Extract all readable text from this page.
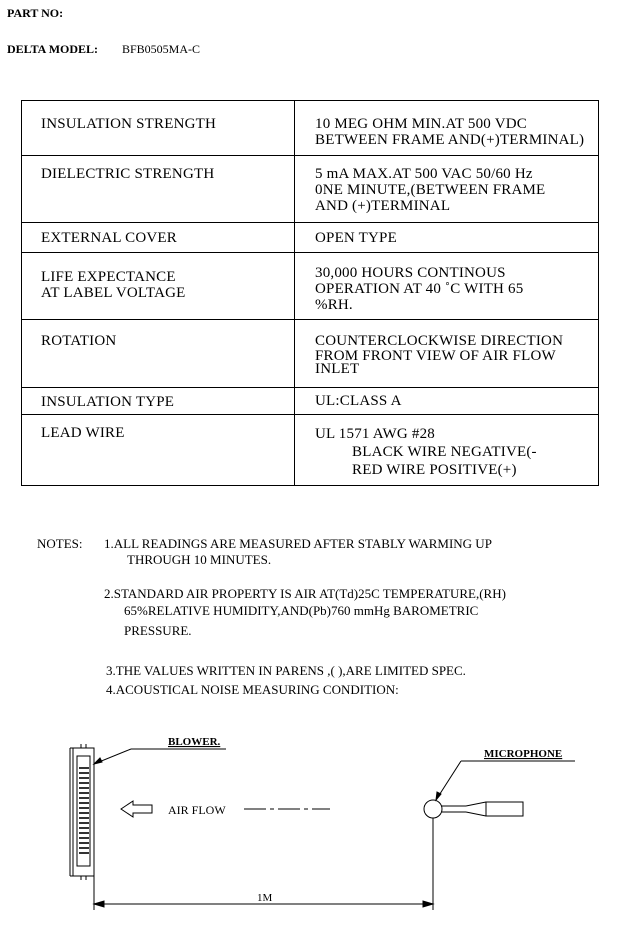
PART NO:
DELTA MODEL: BFB0505MA-C
INSULATION STRENGTH	10 MEG OHM MIN.AT 500 VDC
BETWEEN FRAME AND(+)TERMINAL)

DIELECTRIC STRENGTH	5 mA MAX.AT 500 VAC 50/60 Hz
0NE MINUTE,(BETWEEN FRAME
AND (+)TERMINAL

EXTERNAL COVER	OPEN TYPE

LIFE EXPECTANCE
AT LABEL VOLTAGE	30,000 HOURS CONTINOUS
OPERATION AT 40 ˚C WITH 65
%RH.

ROTATION	COUNTERCLOCKWISE DIRECTION
FROM FRONT VIEW OF AIR FLOW
INLET

INSULATION TYPE	UL:CLASS A

LEAD WIRE	UL 1571 AWG #28
BLACK WIRE NEGATIVE(-
RED WIRE POSITIVE(+)
NOTES: 1.ALL READINGS ARE MEASURED AFTER STABLY WARMING UP
THROUGH 10 MINUTES.
2.STANDARD AIR PROPERTY IS AIR AT(Td)25C TEMPERATURE,(RH)
65%RELATIVE HUMIDITY,AND(Pb)760 mmHg BAROMETRIC
PRESSURE.
3.THE VALUES WRITTEN IN PARENS ,( ),ARE LIMITED SPEC.
4.ACOUSTICAL NOISE MEASURING CONDITION:
BLOWER.
AIR FLOW
MICROPHONE
1M
